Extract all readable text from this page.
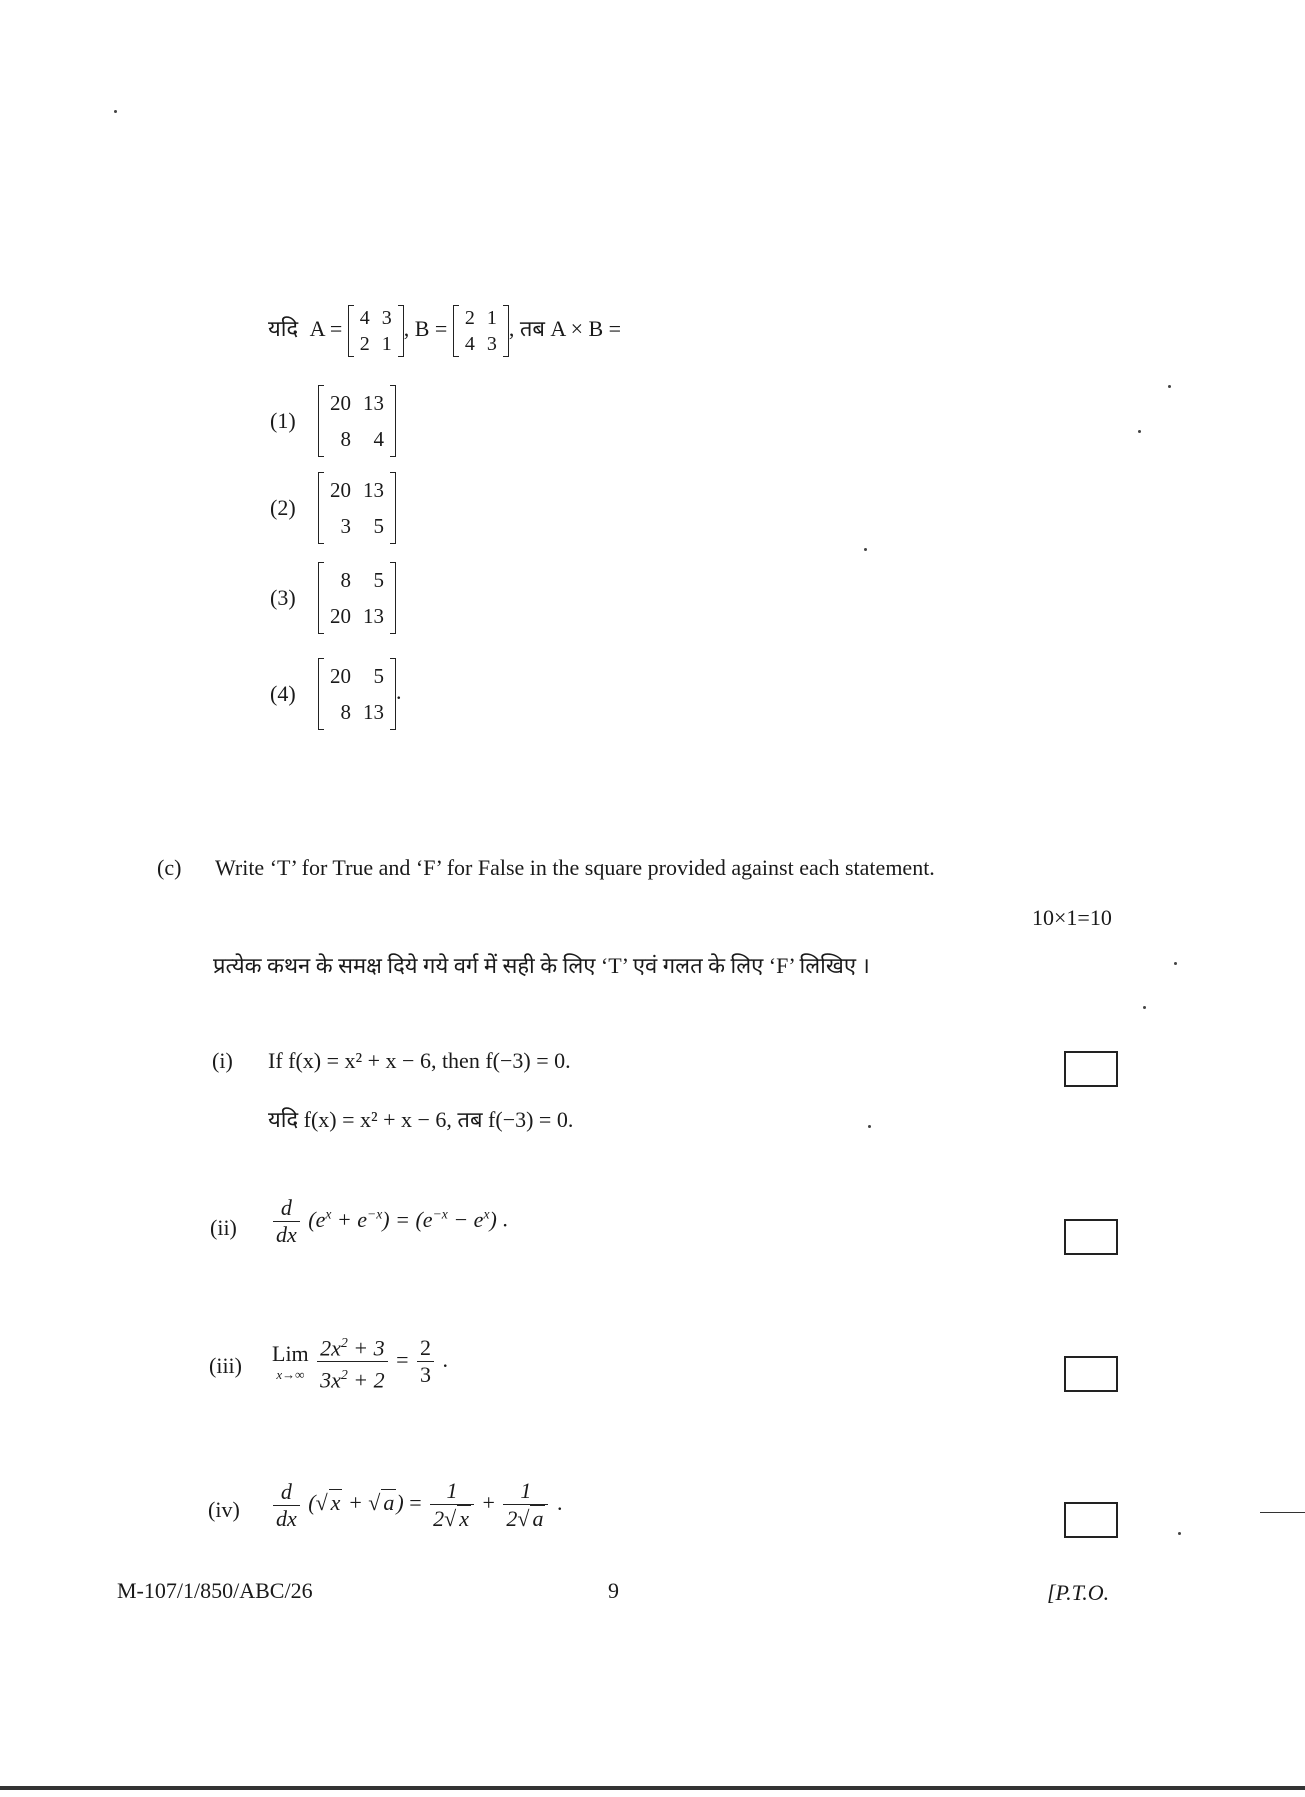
यदि A = 4	3
2	1
, B = 2	1
4	3
, तब A × B =
(1)
20	13
8	4
(2)
20	13
3	5
(3)
8	5
20	13
(4)
20	5
8	13
.
(c) Write ‘T’ for True and ‘F’ for False in the square provided against each statement.
10×1=10
प्रत्येक कथन के समक्ष दिये गये वर्ग में सही के लिए ‘T’ एवं गलत के लिए ‘F’ लिखिए ।
(i) If f(x) = x² + x − 6, then f(−3) = 0.
यदि f(x) = x² + x − 6, तब f(−3) = 0.
$(ii) \frac{d}{dx} (e^x + e^{-x}) = (e^{-x} - e^x)$ .
(iii) Lim
x→∞
$\frac{2x^2 + 3}{3x^2 + 2} = \frac{2}{3}$ .
$(iv) \frac{d}{dx}$ (√ x + √ $a) = \frac{1}{2√ x} + \frac{1}{2√ a}$ .
M-107/1/850/ABC/26	9	[P.T.O.
